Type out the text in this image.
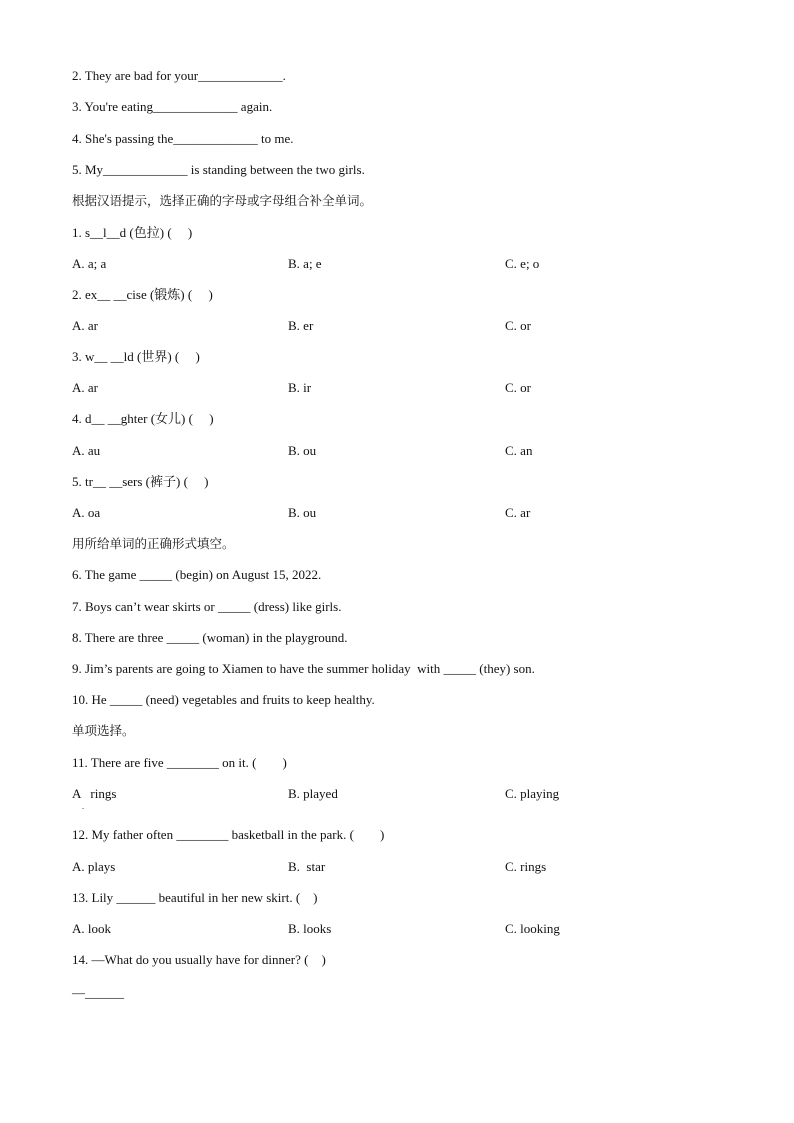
2. They are bad for your_____________.
3. You're eating_____________ again.
4. She's passing the_____________ to me.
5. My_____________ is standing between the two girls.
根据汉语提示，选择正确的字母或字母组合补全单词。
1. s__l__d (色拉) (　 )
A. a; a	B. a; e	C. e; o
2. ex__ __cise (锻炼) (　 )
A. ar	B. er	C. or
3. w__ __ld (世界) (　 )
A. ar	B. ir	C. or
4. d__ __ghter (女儿) (　 )
A. au	B. ou	C. an
5. tr__ __sers (裤子) (　 )
A. oa	B. ou	C. ar
用所给单词的正确形式填空。
6. The game _____ (begin) on August 15, 2022.
7. Boys can’t wear skirts or _____ (dress) like girls.
8. There are three _____ (woman) in the playground.
9. Jim’s parents are going to Xiamen to have the summer holiday  with _____ (they) son.
10. He _____ (need) vegetables and fruits to keep healthy.
单项选择。
11. There are five ________ on it. (　　)
A   rings	B. played	C. playing
.
12. My father often ________ basketball in the park. (　　)
A. plays	B.  star	C. rings
13. Lily ______ beautiful in her new skirt. (　)
A. look	B. looks	C. looking
14. —What do you usually have for dinner? (　)
—______
